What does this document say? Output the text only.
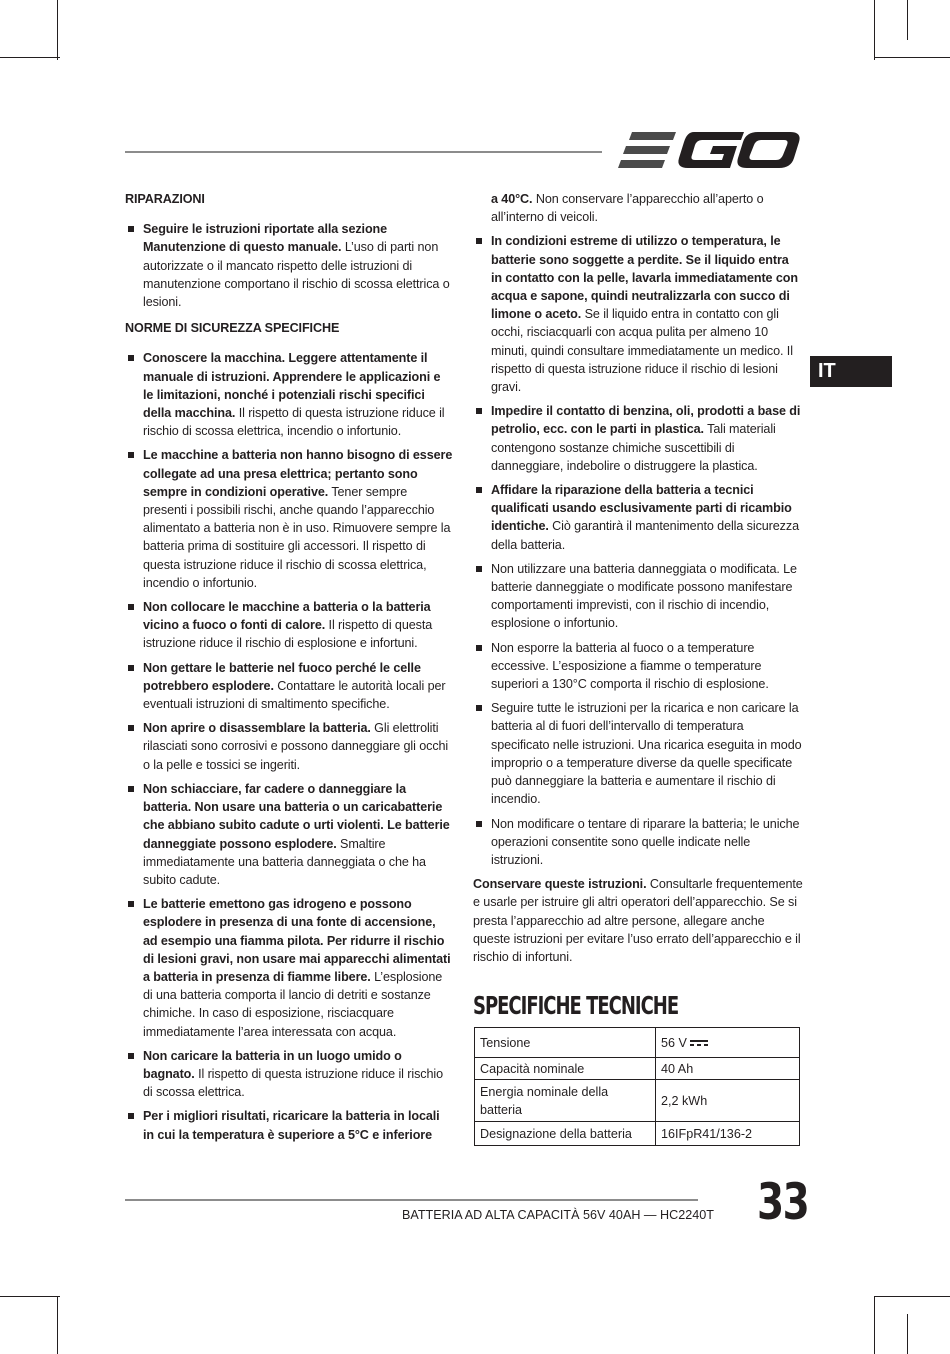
IT
RIPARAZIONI
Seguire le istruzioni riportate alla sezione Manutenzione di questo manuale. L’uso di parti non autorizzate o il mancato rispetto delle istruzioni di manutenzione comportano il rischio di scossa elettrica o lesioni.
NORME DI SICUREZZA SPECIFICHE
Conoscere la macchina. Leggere attentamente il manuale di istruzioni. Apprendere le applicazioni e le limitazioni, nonché i potenziali rischi specifici della macchina. Il rispetto di questa istruzione riduce il rischio di scossa elettrica, incendio o infortunio.
Le macchine a batteria non hanno bisogno di essere collegate ad una presa elettrica; pertanto sono sempre in condizioni operative. Tener sempre presenti i possibili rischi, anche quando l’apparecchio alimentato a batteria non è in uso. Rimuovere sempre la batteria prima di sostituire gli accessori. Il rispetto di questa istruzione riduce il rischio di scossa elettrica, incendio o infortunio.
Non collocare le macchine a batteria o la batteria vicino a fuoco o fonti di calore. Il rispetto di questa istruzione riduce il rischio di esplosione e infortuni.
Non gettare le batterie nel fuoco perché le celle potrebbero esplodere. Contattare le autorità locali per eventuali istruzioni di smaltimento specifiche.
Non aprire o disassemblare la batteria. Gli elettroliti rilasciati sono corrosivi e possono danneggiare gli occhi o la pelle e tossici se ingeriti.
Non schiacciare, far cadere o danneggiare la batteria. Non usare una batteria o un caricabatterie che abbiano subito cadute o urti violenti. Le batterie danneggiate possono esplodere. Smaltire immediatamente una batteria danneggiata o che ha subito cadute.
Le batterie emettono gas idrogeno e possono esplodere in presenza di una fonte di accensione, ad esempio una fiamma pilota. Per ridurre il rischio di lesioni gravi, non usare mai apparecchi alimentati a batteria in presenza di fiamme libere. L’esplosione di una batteria comporta il lancio di detriti e sostanze chimiche. In caso di esposizione, risciacquare immediatamente l’area interessata con acqua.
Non caricare la batteria in un luogo umido o bagnato. Il rispetto di questa istruzione riduce il rischio di scossa elettrica.
Per i migliori risultati, ricaricare la batteria in locali in cui la temperatura è superiore a 5°C e inferiore
a 40°C. Non conservare l’apparecchio all’aperto o all’interno di veicoli.
In condizioni estreme di utilizzo o temperatura, le batterie sono soggette a perdite. Se il liquido entra in contatto con la pelle, lavarla immediatamente con acqua e sapone, quindi neutralizzarla con succo di limone o aceto. Se il liquido entra in contatto con gli occhi, risciacquarli con acqua pulita per almeno 10 minuti, quindi consultare immediatamente un medico. Il rispetto di questa istruzione riduce il rischio di lesioni gravi.
Impedire il contatto di benzina, oli, prodotti a base di petrolio, ecc. con le parti in plastica. Tali materiali contengono sostanze chimiche suscettibili di danneggiare, indebolire o distruggere la plastica.
Affidare la riparazione della batteria a tecnici qualificati usando esclusivamente parti di ricambio identiche. Ciò garantirà il mantenimento della sicurezza della batteria.
Non utilizzare una batteria danneggiata o modificata. Le batterie danneggiate o modificate possono manifestare comportamenti imprevisti, con il rischio di incendio, esplosione o infortunio.
Non esporre la batteria al fuoco o a temperature eccessive. L’esposizione a fiamme o temperature superiori a 130°C comporta il rischio di esplosione.
Seguire tutte le istruzioni per la ricarica e non caricare la batteria al di fuori dell’intervallo di temperatura specificato nelle istruzioni. Una ricarica eseguita in modo improprio o a temperature diverse da quelle specificate può danneggiare la batteria e aumentare il rischio di incendio.
Non modificare o tentare di riparare la batteria; le uniche operazioni consentite sono quelle indicate nelle istruzioni.

Conservare queste istruzioni. Consultarle frequentemente e usarle per istruire gli altri operatori dell’apparecchio. Se si presta l’apparecchio ad altre persone, allegare anche queste istruzioni per evitare l’uso errato dell’apparecchio e il rischio di infortuni.

SPECIFICHE TECNICHE
Tensione	56 V
Capacità nominale	40 Ah
Energia nominale della batteria	2,2 kWh
Designazione della batteria	16IFpR41/136-2
BATTERIA AD ALTA CAPACITÀ 56V 40AH — HC2240T 33
